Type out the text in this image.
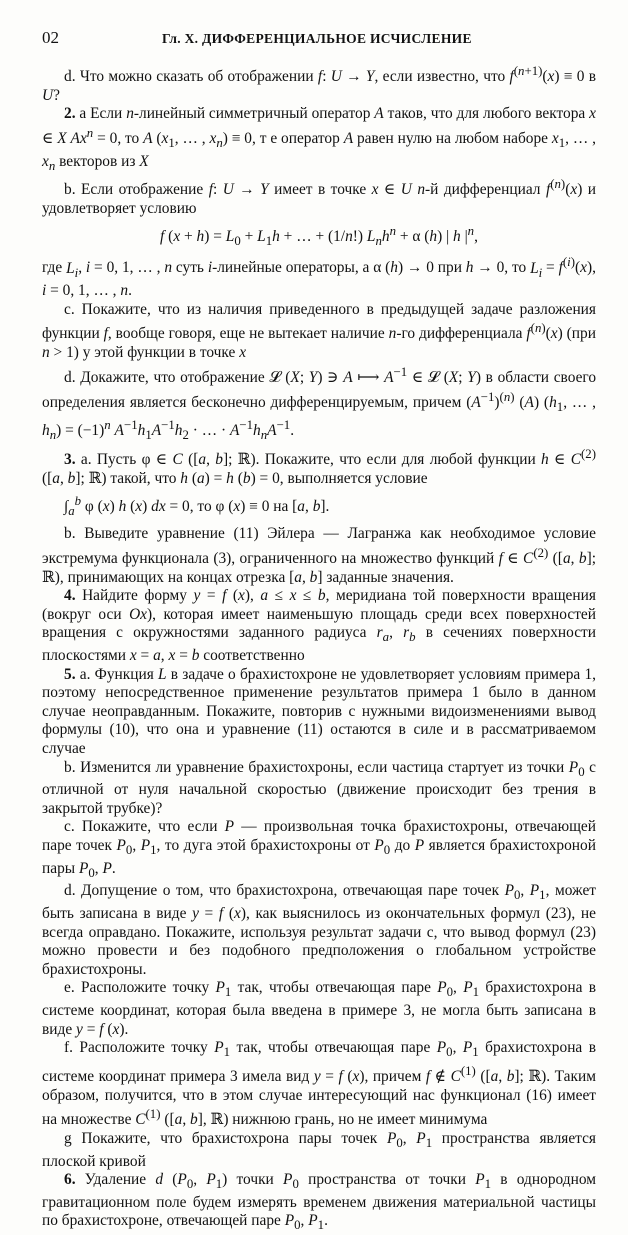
02	Гл. X. ДИФФЕРЕНЦИАЛЬНОЕ ИСЧИСЛЕНИЕ

d. Что можно сказать об отображении f: U → Y, если известно, что $f^{(n+1)}(x) \equiv 0$ в U?

2. a Если n-линейный симметричный оператор A таков, что для любого вектора x ∈ X $Ax^n = 0$, то A ($x_1$, … , $x_n) \equiv 0$, т е оператор A равен нулю на любом наборе $x_1$, … , $x_n$ векторов из X

b. Если отображение f: U → Y имеет в точке x ∈ U n-й дифференциал $f^{(n)}(x)$ и удовлетворяет условию

f $(x + h) = L_0 + L_1h$ + … + (1/n!) $L_nh^n + \alpha$ (h) | h $|^n$,

где $L_i$, i = 0, 1, … , n суть i-линейные операторы, а α (h) → 0 при h → 0, то $L_i = f^{(i)}(x)$, i = 0, 1, … , n.

c. Покажите, что из наличия приведенного в предыдущей задаче разложения функции f, вообще говоря, еще не вытекает наличие n-го дифференциала $f^{(n)}(x)$ (при n > 1) у этой функции в точке x

d. Докажите, что отображение 𝓛 (X; Y) ∋ A ⟼ $A^{-1}$ ∈ 𝓛 (X; Y) в области своего определения является бесконечно дифференцируемым, причем $(A^{-1})^{(n)}$ (A) ($h_1$, … , $h_n) = (-1)^n$ $A^{-1}h_1A^{-1}h_2$ · … · $A^{-1}h_nA^{-1}$.

3. a. Пусть φ ∈ C ([a, b]; ℝ). Покажите, что если для любой функции h ∈ $C^{(2)}$ ([a, b]; ℝ) такой, что h (a) = h (b) = 0, выполняется условие

$\int_a^b$ φ (x) h (x) dx = 0, то φ (x) ≡ 0 на [a, b].

b. Выведите уравнение (11) Эйлера — Лагранжа как необходимое условие экстремума функционала (3), ограниченного на множество функций f ∈ $C^{(2)}$ ([a, b]; ℝ), принимающих на концах отрезка [a, b] заданные значения.

4. Найдите форму y = f (x), a ≤ x ≤ b, меридиана той поверхности вращения (вокруг оси Ox), которая имеет наименьшую площадь среди всех поверхностей вращения с окружностями заданного радиуса $r_a$, $r_b$ в сечениях поверхности плоскостями x = a, x = b соответственно

5. а. Функция L в задаче о брахистохроне не удовлетворяет условиям примера 1, поэтому непосредственное применение результатов примера 1 было в данном случае неоправданным. Покажите, повторив с нужными видоизменениями вывод формулы (10), что она и уравнение (11) остаются в силе и в рассматриваемом случае

b. Изменится ли уравнение брахистохроны, если частица стартует из точки $P_0$ с отличной от нуля начальной скоростью (движение происходит без трения в закрытой трубке)?

c. Покажите, что если P — произвольная точка брахистохроны, отвечающей паре точек $P_0$, $P_1$, то дуга этой брахистохроны от $P_0$ до P является брахистохроной пары $P_0$, P.

d. Допущение о том, что брахистохрона, отвечающая паре точек $P_0$, $P_1$, может быть записана в виде y = f (x), как выяснилось из окончательных формул (23), не всегда оправдано. Покажите, используя результат задачи с, что вывод формул (23) можно провести и без подобного предположения о глобальном устройстве брахистохроны.

e. Расположите точку $P_1$ так, чтобы отвечающая паре $P_0$, $P_1$ брахистохрона в системе координат, которая была введена в примере 3, не могла быть записана в виде y = f (x).

f. Расположите точку $P_1$ так, чтобы отвечающая паре $P_0$, $P_1$ брахистохрона в системе координат примера 3 имела вид y = f (x), причем f ∉ $C^{(1)}$ ([a, b]; ℝ). Таким образом, получится, что в этом случае интересующий нас функционал (16) имеет на множестве $C^{(1)}$ ([a, b], ℝ) нижнюю грань, но не имеет минимума

g Покажите, что брахистохрона пары точек $P_0$, $P_1$ пространства является плоской кривой

6. Удаление d ($P_0$, $P_1$) точки $P_0$ пространства от точки $P_1$ в однородном гравитационном поле будем измерять временем движения материальной частицы по брахистохроне, отвечающей паре $P_0$, $P_1$.
